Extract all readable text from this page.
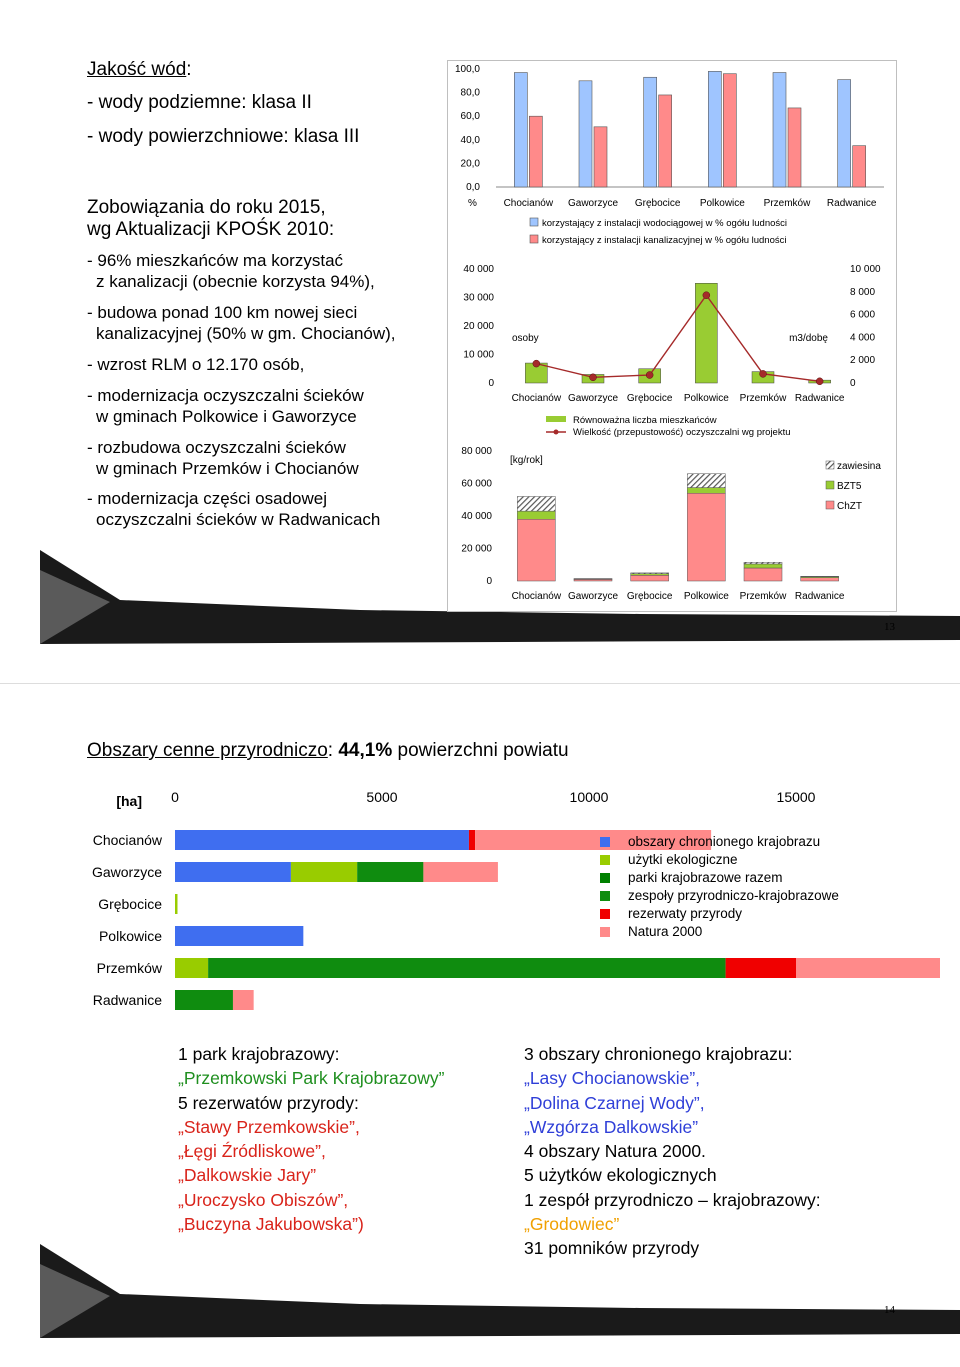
Jakość wód:
- wody podziemne: klasa II
- wody powierzchniowe: klasa III
Zobowiązania do roku 2015,
wg Aktualizacji KPOŚK 2010:
- 96% mieszkańców ma korzystać
z kanalizacji (obecnie korzysta 94%),
- budowa ponad 100 km nowej sieci
kanalizacyjnej (50% w gm. Chocianów),
- wzrost RLM o 12.170 osób,
- modernizacja oczyszczalni ścieków
w gminach Polkowice i Gaworzyce
- rozbudowa oczyszczalni ścieków
w gminach Przemków i Chocianów
- modernizacja części osadowej
oczyszczalni ścieków w Radwanicach
100,0
80,0
60,0
40,0
20,0
0,0
%	Chocianów Gaworzyce Grębocice Polkowice Przemków Radwanice
korzystający z instalacji wodociągowej w % ogółu ludności
korzystający z instalacji kanalizacyjnej w % ogółu ludności
40 000
30 000
20 000
10 000
0
10 000
8 000
6 000
4 000
2 000
0
osoby	m3/dobę
Chocianów Gaworzyce Grębocice Polkowice Przemków Radwanice
Równoważna liczba mieszkańców
Wielkość (przepustowość) oczyszczalni wg projektu
80 000
60 000
40 000
20 000
0
[kg/rok]
Chocianów Gaworzyce Grębocice Polkowice Przemków Radwanice
zawiesina
BZT5
ChZT
13
Obszary cenne przyrodniczo: 44,1% powierzchni powiatu
[ha] 0	5000	10000	15000
Chocianów
Gaworzyce
Grębocice
Polkowice
Przemków
Radwanice
obszary chronionego krajobrazu
użytki ekologiczne
parki krajobrazowe razem
zespoły przyrodniczo-krajobrazowe
rezerwaty przyrody
Natura 2000
1 park krajobrazowy:
„Przemkowski Park Krajobrazowy”
5 rezerwatów przyrody:
„Stawy Przemkowskie”,
„Łęgi Źródliskowe”,
„Dalkowskie Jary”
„Uroczysko Obiszów”,
„Buczyna Jakubowska”)
3 obszary chronionego krajobrazu:
„Lasy Chocianowskie”,
„Dolina Czarnej Wody”,
„Wzgórza Dalkowskie”
4 obszary Natura 2000.
5 użytków ekologicznych
1 zespół przyrodniczo – krajobrazowy:
„Grodowiec”
31 pomników przyrody
14
